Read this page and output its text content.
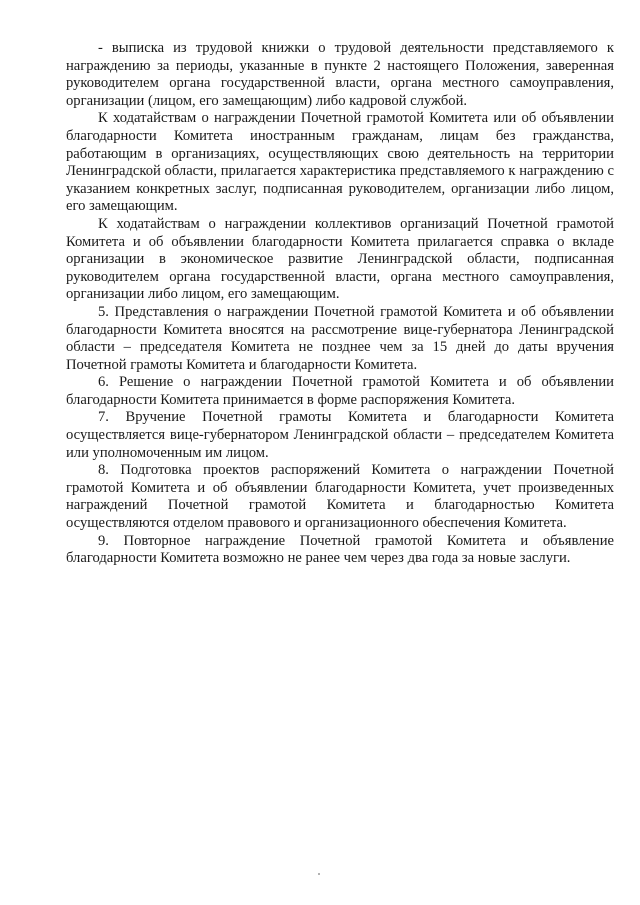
- выписка из трудовой книжки о трудовой деятельности представляемого к награждению за периоды, указанные в пункте 2 настоящего Положения, заверенная руководителем органа государственной власти, органа местного самоуправления, организации (лицом, его замещающим) либо кадровой службой.

К ходатайствам о награждении Почетной грамотой Комитета или об объявлении благодарности Комитета иностранным гражданам, лицам без гражданства, работающим в организациях, осуществляющих свою деятельность на территории Ленинградской области, прилагается характеристика представляемого к награждению с указанием конкретных заслуг, подписанная руководителем, организации либо лицом, его замещающим.

К ходатайствам о награждении коллективов организаций Почетной грамотой Комитета и об объявлении благодарности Комитета прилагается справка о вкладе организации в экономическое развитие Ленинградской области, подписанная руководителем органа государственной власти, органа местного самоуправления, организации либо лицом, его замещающим.

5. Представления о награждении Почетной грамотой Комитета и об объявлении благодарности Комитета вносятся на рассмотрение вице-губернатора Ленинградской области – председателя Комитета не позднее чем за 15 дней до даты вручения Почетной грамоты Комитета и благодарности Комитета.

6. Решение о награждении Почетной грамотой Комитета и об объявлении благодарности Комитета принимается в форме распоряжения Комитета.

7. Вручение Почетной грамоты Комитета и благодарности Комитета осуществляется вице-губернатором Ленинградской области – председателем Комитета или уполномоченным им лицом.

8. Подготовка проектов распоряжений Комитета о награждении Почетной грамотой Комитета и об объявлении благодарности Комитета, учет произведенных награждений Почетной грамотой Комитета и благодарностью Комитета осуществляются отделом правового и организационного обеспечения Комитета.

9. Повторное награждение Почетной грамотой Комитета и объявление благодарности Комитета возможно не ранее чем через два года за новые заслуги.
